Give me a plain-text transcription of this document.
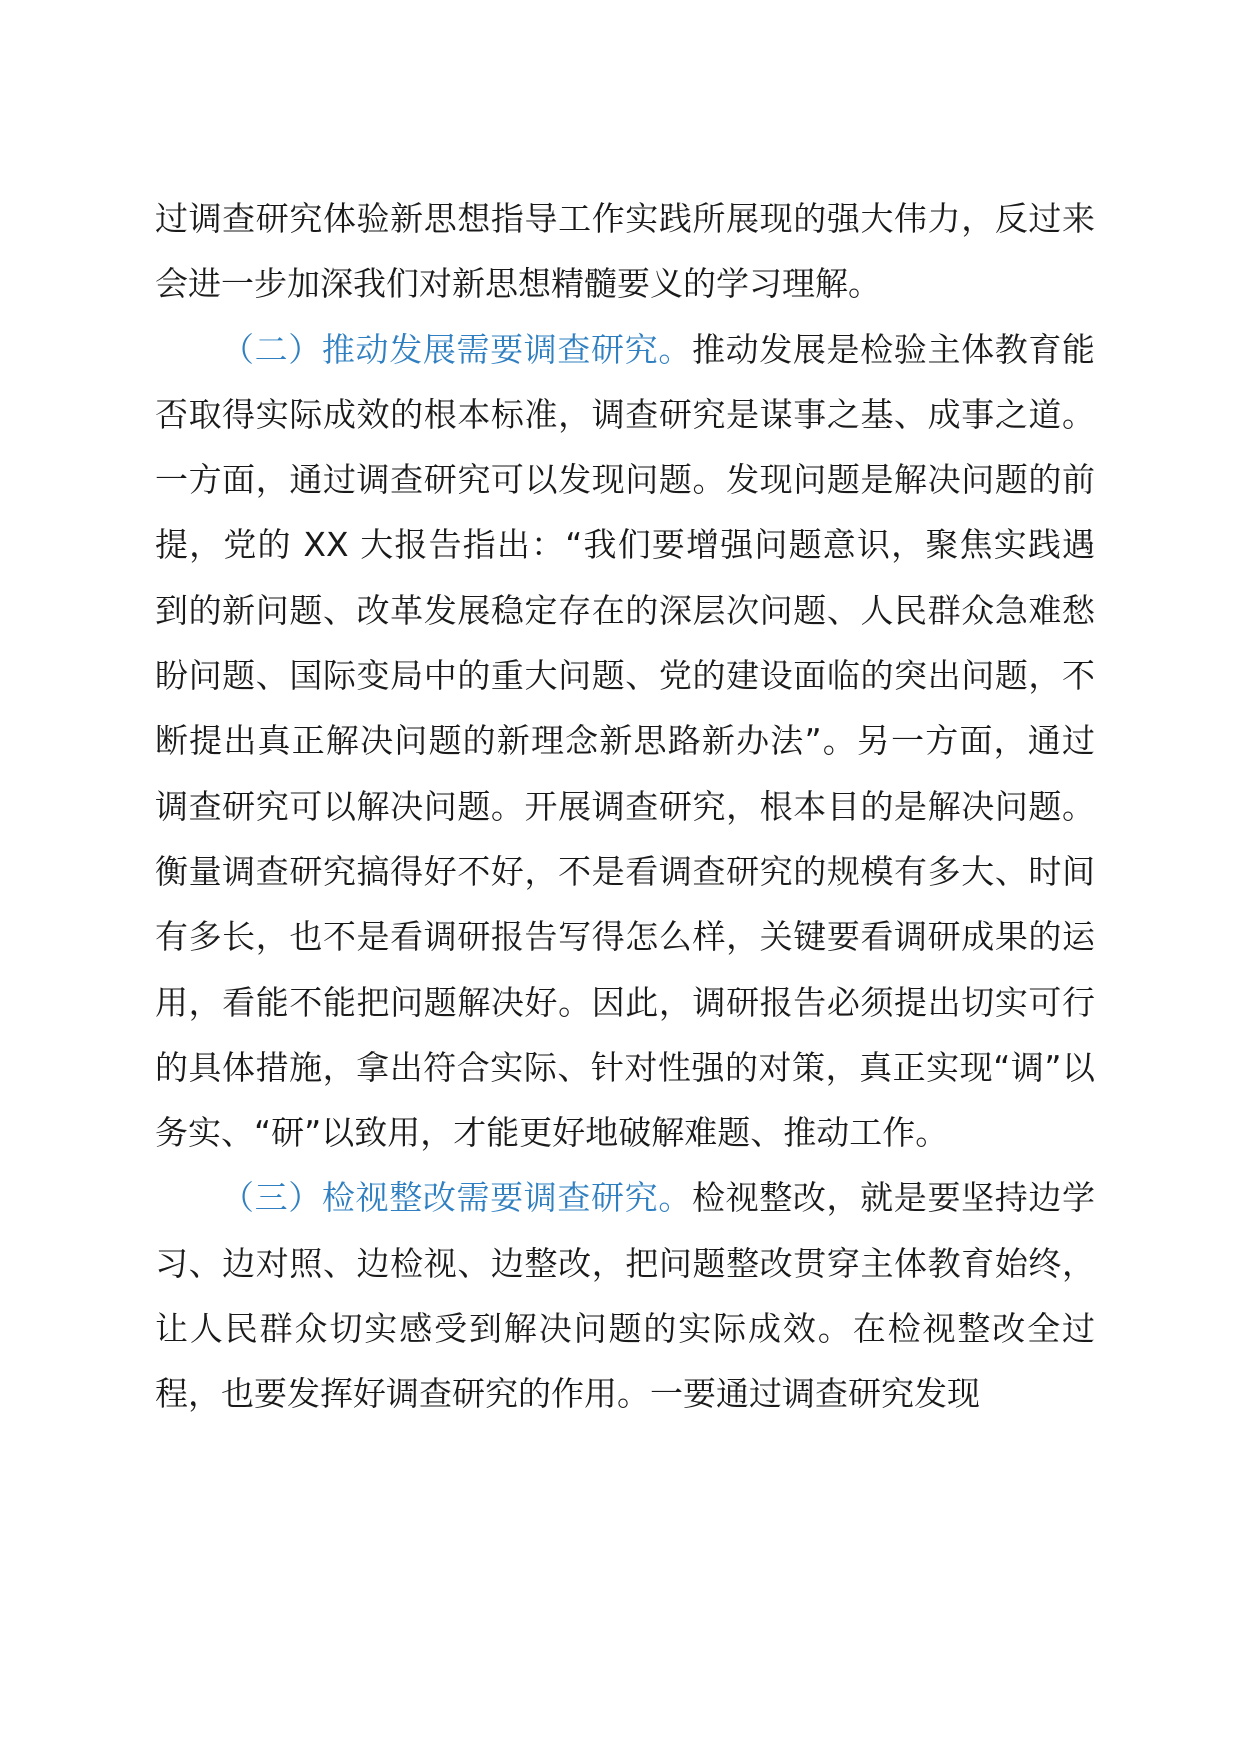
过调查研究体验新思想指导工作实践所展现的强大伟力，反过来会进一步加深我们对新思想精髓要义的学习理解。

（二）推动发展需要调查研究。推动发展是检验主体教育能否取得实际成效的根本标准，调查研究是谋事之基、成事之道。一方面，通过调查研究可以发现问题。发现问题是解决问题的前提，党的 XX 大报告指出：“我们要增强问题意识，聚焦实践遇到的新问题、改革发展稳定存在的深层次问题、人民群众急难愁盼问题、国际变局中的重大问题、党的建设面临的突出问题，不断提出真正解决问题的新理念新思路新办法”。另一方面，通过调查研究可以解决问题。开展调查研究，根本目的是解决问题。衡量调查研究搞得好不好，不是看调查研究的规模有多大、时间有多长，也不是看调研报告写得怎么样，关键要看调研成果的运用，看能不能把问题解决好。因此，调研报告必须提出切实可行的具体措施，拿出符合实际、针对性强的对策，真正实现“调”以务实、“研”以致用，才能更好地破解难题、推动工作。

（三）检视整改需要调查研究。检视整改，就是要坚持边学习、边对照、边检视、边整改，把问题整改贯穿主体教育始终，让人民群众切实感受到解决问题的实际成效。在检视整改全过程，也要发挥好调查研究的作用。一要通过调查研究发现
